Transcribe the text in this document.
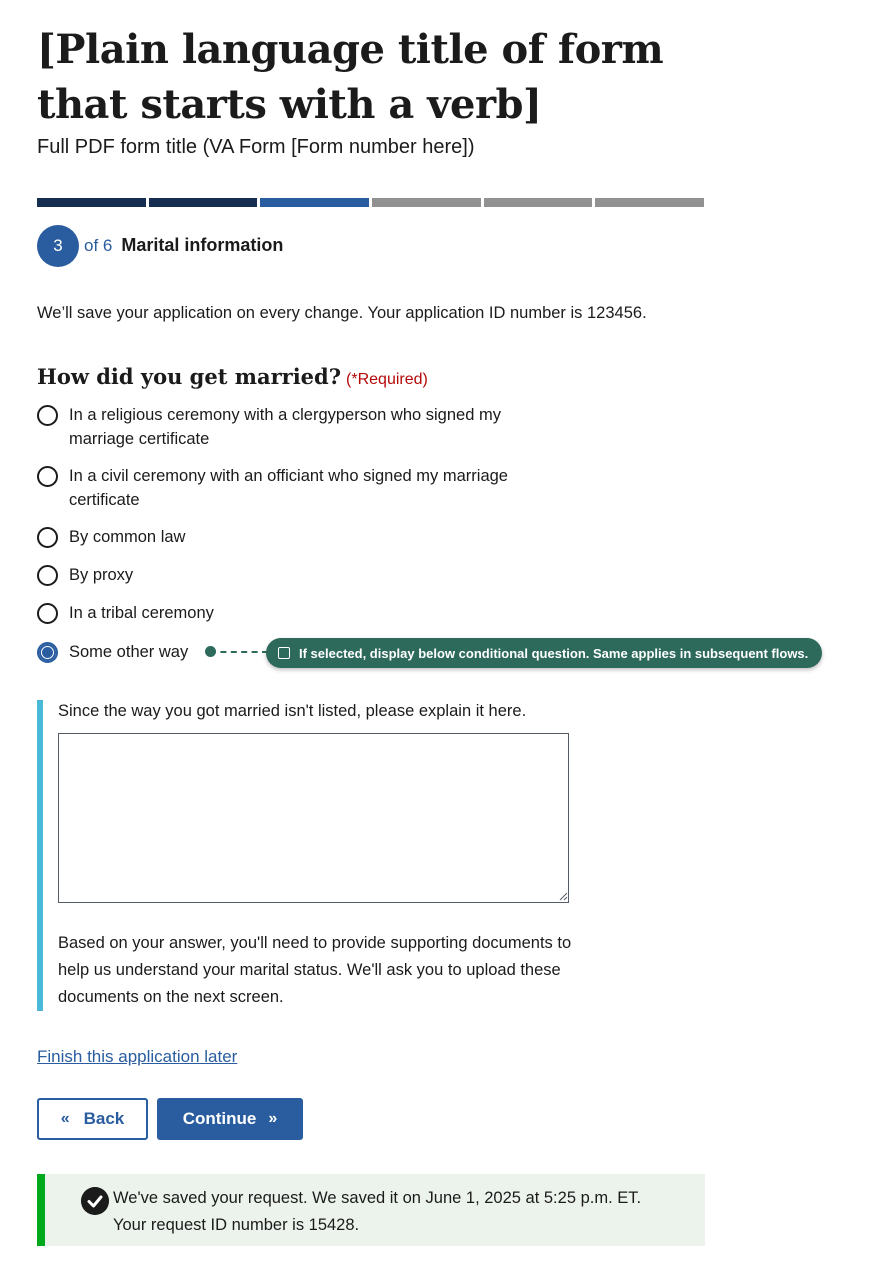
[Plain language title of form that starts with a verb]
Full PDF form title (VA Form [Form number here])
3	of 6 Marital information
We’ll save your application on every change. Your application ID number is 123456.
How did you get married? (*Required)
In a religious ceremony with a clergyperson who signed my marriage certificate
In a civil ceremony with an officiant who signed my marriage certificate
By common law
By proxy
In a tribal ceremony
Some other way	If selected, display below conditional question. Same applies in subsequent flows.
Since the way you got married isn't listed, please explain it here.
Based on your answer, you'll need to provide supporting documents to help us understand your marital status. We'll ask you to upload these documents on the next screen.
Finish this application later
« Back	Continue »
We've saved your request. We saved it on June 1, 2025 at 5:25 p.m. ET.
Your request ID number is 15428.
